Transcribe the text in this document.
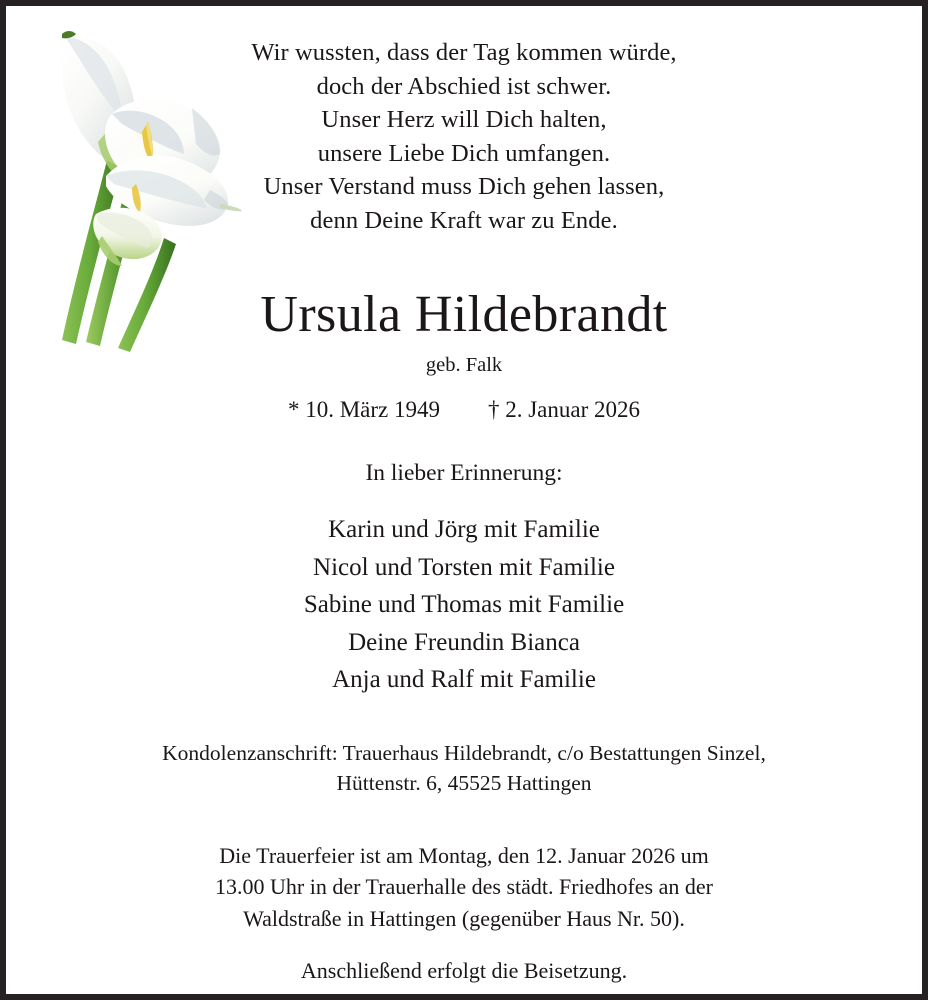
Wir wussten, dass der Tag kommen würde,
doch der Abschied ist schwer.
Unser Herz will Dich halten,
unsere Liebe Dich umfangen.
Unser Verstand muss Dich gehen lassen,
denn Deine Kraft war zu Ende.
Ursula Hildebrandt
geb. Falk
* 10. März 1949	† 2. Januar 2026
In lieber Erinnerung:
Karin und Jörg mit Familie
Nicol und Torsten mit Familie
Sabine und Thomas mit Familie
Deine Freundin Bianca
Anja und Ralf mit Familie
Kondolenzanschrift: Trauerhaus Hildebrandt, c/o Bestattungen Sinzel,
Hüttenstr. 6, 45525 Hattingen
Die Trauerfeier ist am Montag, den 12. Januar 2026 um
13.00 Uhr in der Trauerhalle des städt. Friedhofes an der
Waldstraße in Hattingen (gegenüber Haus Nr. 50).
Anschließend erfolgt die Beisetzung.
